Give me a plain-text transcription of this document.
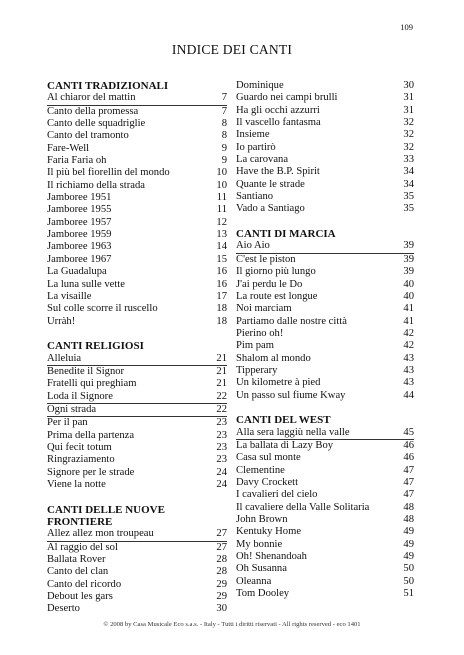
109
INDICE DEI CANTI
CANTI TRADIZIONALI
Al chiaror del mattin	7
Canto della promessa	7
Canto delle squadriglie	8
Canto del tramonto	8
Fare-Well	9
Faria Faria oh	9
Il più bel fiorellin del mondo	10
Il richiamo della strada	10
Jamboree 1951	11
Jamboree 1955	11
Jamboree 1957	12
Jamboree 1959	13
Jamboree 1963	14
Jamboree 1967	15
La Guadalupa	16
La luna sulle vette	16
La visaille	17
Sul colle scorre il ruscello	18
Urràh!	18
CANTI RELIGIOSI
Alleluia	21
Benedite il Signor	21
Fratelli qui preghiam	21
Loda il Signore	22
Ogni strada	22
Per il pan	23
Prima della partenza	23
Qui fecit totum	23
Ringraziamento	23
Signore per le strade	24
Viene la notte	24
CANTI DELLE NUOVE FRONTIERE
Allez allez mon troupeau	27
Al raggio del sol	27
Ballata Rover	28
Canto del clan	28
Canto del ricordo	29
Debout les gars	29
Deserto	30
Dominique	30
Guardo nei campi brulli	31
Ha gli occhi azzurri	31
Il vascello fantasma	32
Insieme	32
Io partirò	32
La carovana	33
Have the B.P. Spirit	34
Quante le strade	34
Santiano	35
Vado a Santiago	35
CANTI DI MARCIA
Aio Aio	39
C'est le piston	39
Il giorno più lungo	39
J'ai perdu le Do	40
La route est longue	40
Noi marciam	41
Partiamo dalle nostre città	41
Pierino oh!	42
Pim pam	42
Shalom al mondo	43
Tipperary	43
Un kilometre à pied	43
Un passo sul fiume Kway	44
CANTI DEL WEST
Alla sera laggiù nella valle	45
La ballata di Lazy Boy	46
Casa sul monte	46
Clementine	47
Davy Crockett	47
I cavalieri del cielo	47
Il cavaliere della Valle Solitaria	48
John Brown	48
Kentuky Home	49
My bonnie	49
Oh! Shenandoah	49
Oh Susanna	50
Oleanna	50
Tom Dooley	51
© 2008 by Casa Musicale Eco s.a.s. - Italy - Tutti i diritti riservati - All rights reserved - eco 1401
